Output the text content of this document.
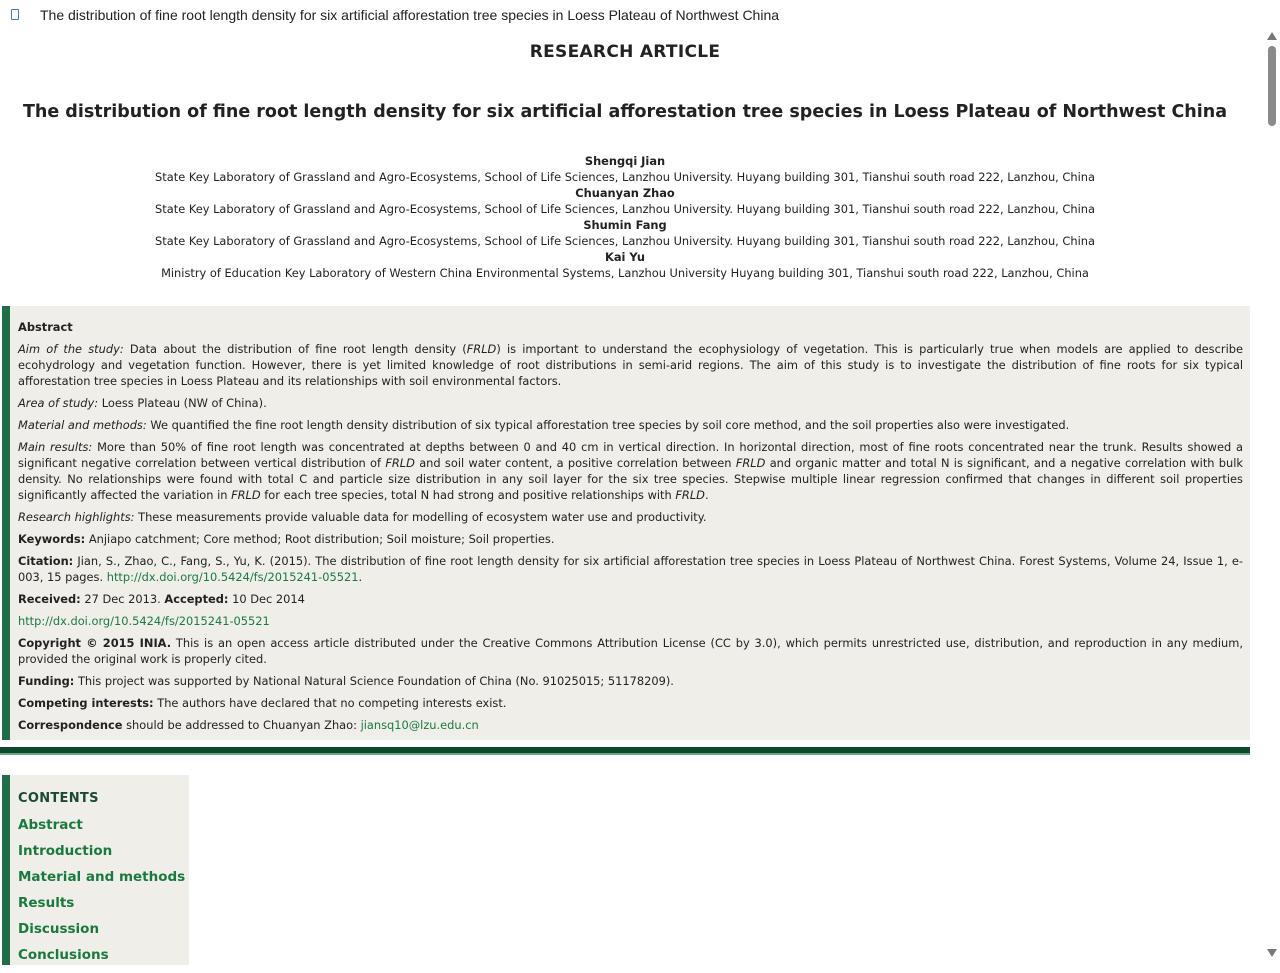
The distribution of fine root length density for six artificial afforestation tree species in Loess Plateau of Northwest China
RESEARCH ARTICLE
The distribution of fine root length density for six artificial afforestation tree species in Loess Plateau of Northwest China
Shengqi Jian
State Key Laboratory of Grassland and Agro-Ecosystems, School of Life Sciences, Lanzhou University. Huyang building 301, Tianshui south road 222, Lanzhou, China
Chuanyan Zhao
State Key Laboratory of Grassland and Agro-Ecosystems, School of Life Sciences, Lanzhou University. Huyang building 301, Tianshui south road 222, Lanzhou, China
Shumin Fang
State Key Laboratory of Grassland and Agro-Ecosystems, School of Life Sciences, Lanzhou University. Huyang building 301, Tianshui south road 222, Lanzhou, China
Kai Yu
Ministry of Education Key Laboratory of Western China Environmental Systems, Lanzhou University Huyang building 301, Tianshui south road 222, Lanzhou, China

Abstract

Aim of the study: Data about the distribution of fine root length density (FRLD) is important to understand the ecophysiology of vegetation. This is particularly true when models are applied to describe ecohydrology and vegetation function. However, there is yet limited knowledge of root distributions in semi-arid regions. The aim of this study is to investigate the distribution of fine roots for six typical afforestation tree species in Loess Plateau and its relationships with soil environmental factors.

Area of study: Loess Plateau (NW of China).

Material and methods: We quantified the fine root length density distribution of six typical afforestation tree species by soil core method, and the soil properties also were investigated.

Main results: More than 50% of fine root length was concentrated at depths between 0 and 40 cm in vertical direction. In horizontal direction, most of fine roots concentrated near the trunk. Results showed a significant negative correlation between vertical distribution of FRLD and soil water content, a positive correlation between FRLD and organic matter and total N is significant, and a negative correlation with bulk density. No relationships were found with total C and particle size distribution in any soil layer for the six tree species. Stepwise multiple linear regression confirmed that changes in different soil properties significantly affected the variation in FRLD for each tree species, total N had strong and positive relationships with FRLD.

Research highlights: These measurements provide valuable data for modelling of ecosystem water use and productivity.

Keywords: Anjiapo catchment; Core method; Root distribution; Soil moisture; Soil properties.

Citation: Jian, S., Zhao, C., Fang, S., Yu, K. (2015). The distribution of fine root length density for six artificial afforestation tree species in Loess Plateau of Northwest China. Forest Systems, Volume 24, Issue 1, e-003, 15 pages. http://dx.doi.org/10.5424/fs/2015241-05521.

Received: 27 Dec 2013. Accepted: 10 Dec 2014

http://dx.doi.org/10.5424/fs/2015241-05521

Copyright © 2015 INIA. This is an open access article distributed under the Creative Commons Attribution License (CC by 3.0), which permits unrestricted use, distribution, and reproduction in any medium, provided the original work is properly cited.

Funding: This project was supported by National Natural Science Foundation of China (No. 91025015; 51178209).

Competing interests: The authors have declared that no competing interests exist.

Correspondence should be addressed to Chuanyan Zhao: jiansq10@lzu.edu.cn

CONTENTS
Abstract
Introduction
Material and methods
Results
Discussion
Conclusions
